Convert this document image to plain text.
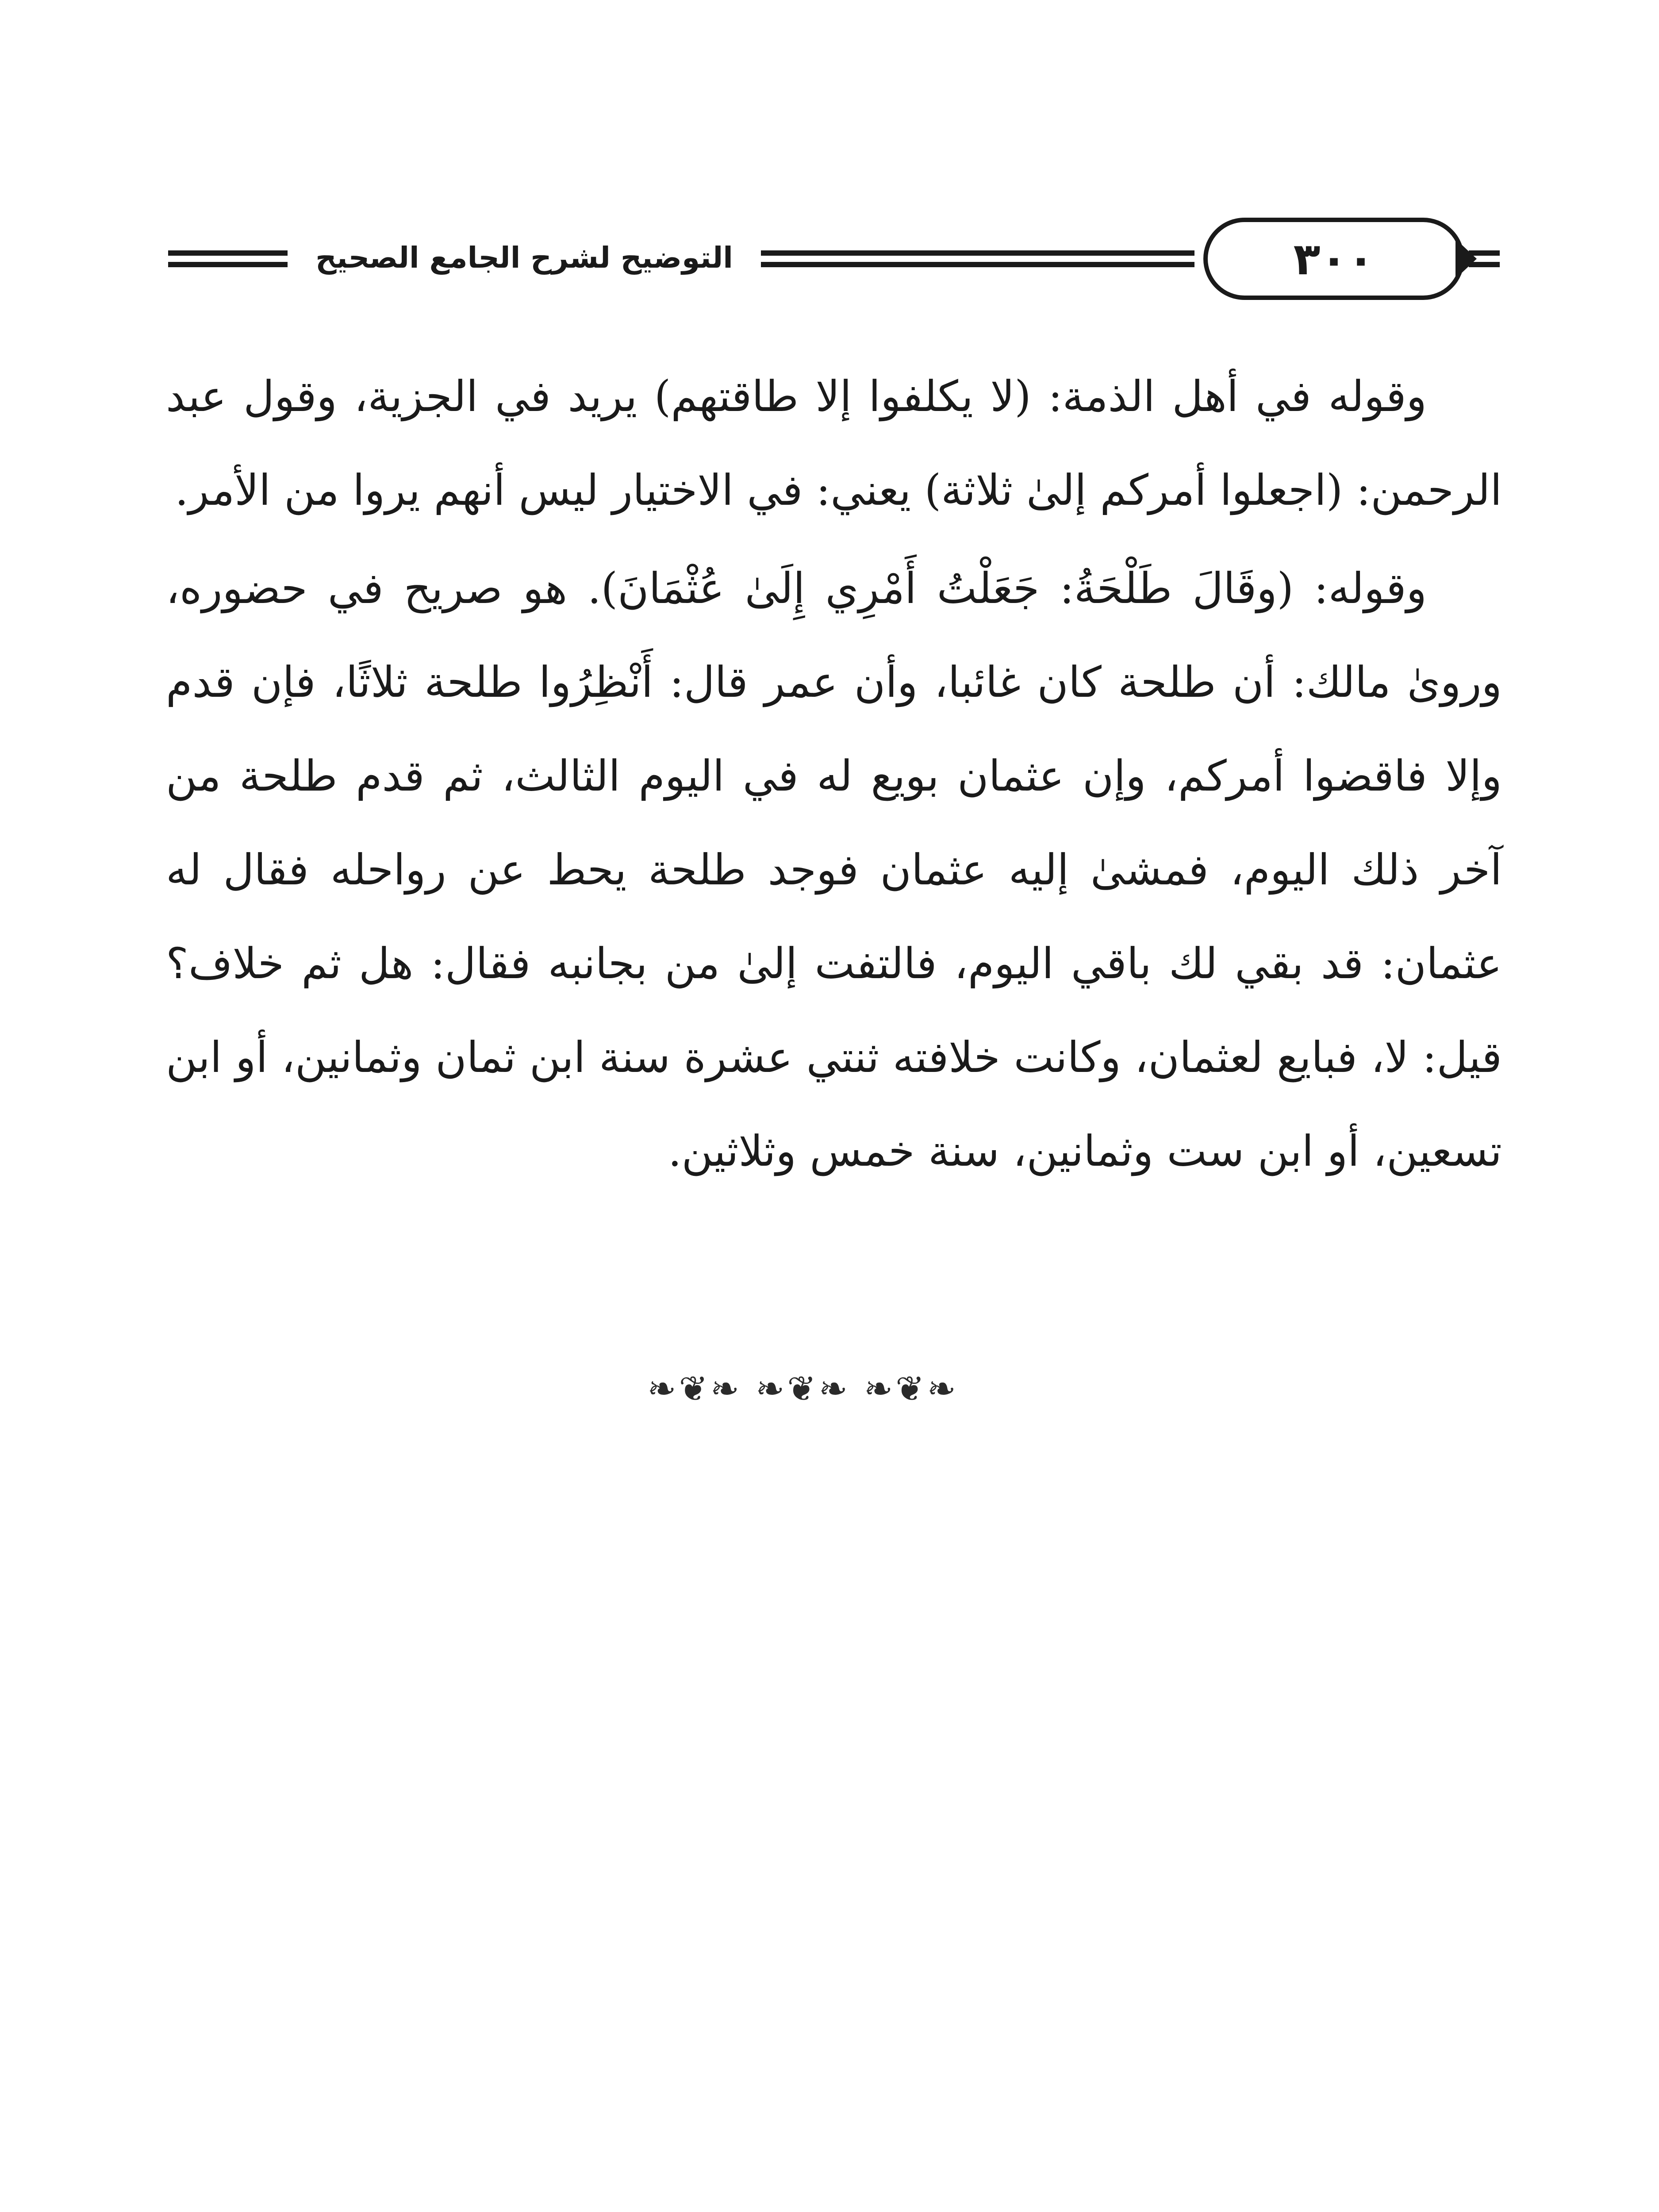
التوضيح لشرح الجامع الصحيح	٣٠٠

وقوله في أهل الذمة: (لا يكلفوا إلا طاقتهم) يريد في الجزية، وقول عبد الرحمن: (اجعلوا أمركم إلىٰ ثلاثة) يعني: في الاختيار ليس أنهم يروا من الأمر.

وقوله: (وقَالَ طَلْحَةُ: جَعَلْتُ أَمْرِي إِلَىٰ عُثْمَانَ). هو صريح في حضوره، وروىٰ مالك: أن طلحة كان غائبا، وأن عمر قال: أَنْظِرُوا طلحة ثلاثًا، فإن قدم وإلا فاقضوا أمركم، وإن عثمان بويع له في اليوم الثالث، ثم قدم طلحة من آخر ذلك اليوم، فمشىٰ إليه عثمان فوجد طلحة يحط عن رواحله فقال له عثمان: قد بقي لك باقي اليوم، فالتفت إلىٰ من بجانبه فقال: هل ثم خلاف؟ قيل: لا، فبايع لعثمان، وكانت خلافته ثنتي عشرة سنة ابن ثمان وثمانين، أو ابن تسعين، أو ابن ست وثمانين، سنة خمس وثلاثين.

❧❦❧ ❧❦❧ ❧❦❧
